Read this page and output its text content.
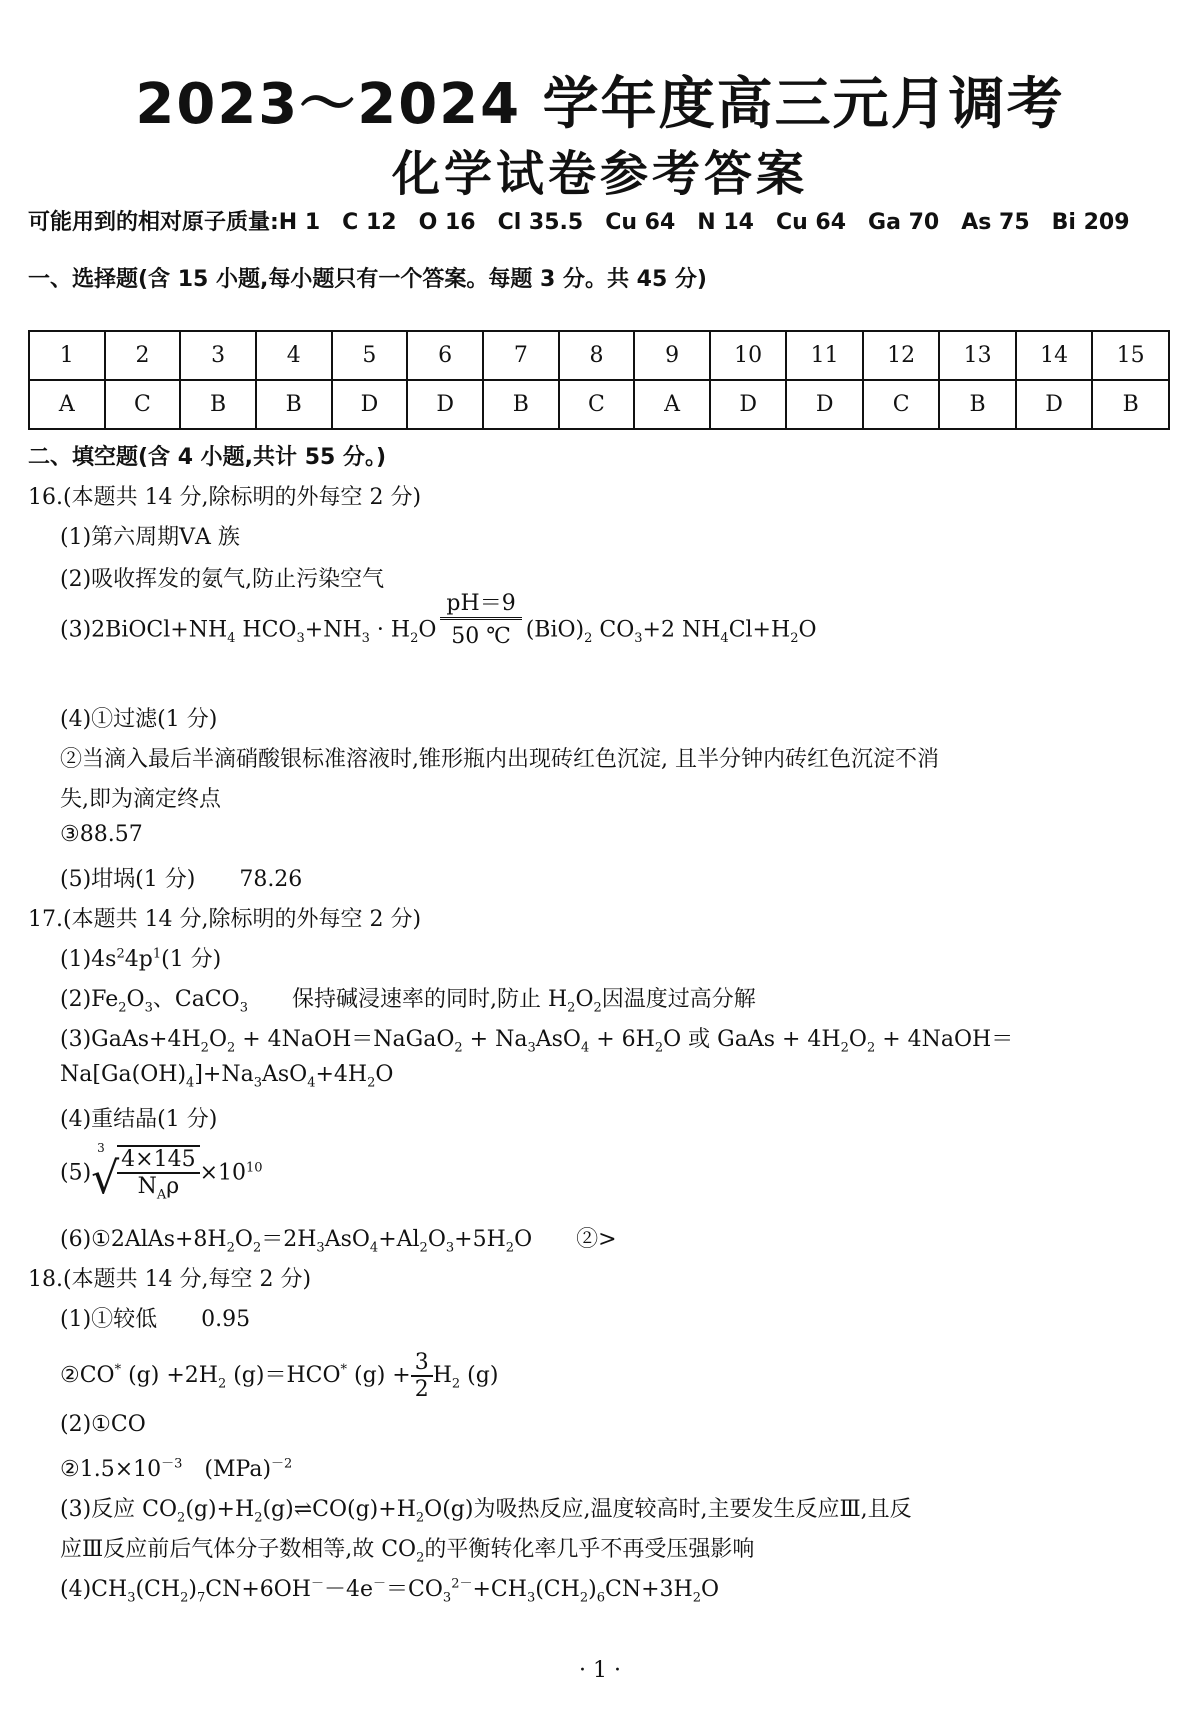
2023～2024 学年度高三元月调考
化学试卷参考答案
可能用到的相对原子质量:H 1　C 12　O 16　Cl 35.5　Cu 64　N 14　Cu 64　Ga 70　As 75　Bi 209
一、选择题(含 15 小题,每小题只有一个答案。每题 3 分。共 45 分)
1	2	3	4	5	6	7	8	9	10	11	12	13	14	15
A	C	B	B	D	D	B	C	A	D	D	C	B	D	B
二、填空题(含 4 小题,共计 55 分。)
16.(本题共 14 分,除标明的外每空 2 分)
(1)第六周期ⅤA 族
(2)吸收挥发的氨气,防止污染空气
$(3)2BiOCl+NH_4$ $HCO_3+NH_3 \cdot H_2O \frac{pH=9}{50 ℃} (BiO)_2$ $CO_3+2$ $NH_4Cl+H_2O$
(4)①过滤(1 分)
②当滴入最后半滴硝酸银标准溶液时,锥形瓶内出现砖红色沉淀, 且半分钟内砖红色沉淀不消
失,即为滴定终点
③88.57
(5)坩埚(1 分)　　78.26
17.(本题共 14 分,除标明的外每空 2 分)
$(1)4s^24p^1(1$ 分)
$(2)Fe_2O_3$、CaCO$_3$　　保持碱浸速率的同时,防止 $H_2O_2$因温度过高分解
$(3)GaAs+4H_2O_2$ + 4NaOH＝NaGaO$_2$ + $Na_3AsO_4 + 6H_2O$ 或 GaAs + $4H_2O_2$ + 4NaOH＝
$Na[Ga(OH)_4]+Na_3AsO_4+4H_2O$
(4)重结晶(1 分)
(5)
3
√
$\frac{4\times 145}{N_A\rho} \times 10^{10}$
$(6)①2AlAs+8H_2O_2=2H_3AsO_4+Al_2O_3+5H_2O$　　②>
18.(本题共 14 分,每空 2 分)
(1)①较低　　0.95
②CO* $(g) +2H_2$ (g)＝HCO* $(g) + \frac{3}{2} H_2$ (g)
(2)①CO
$②1.5\times 10^{-3}$　(MPa)$^{-2}$
(3)反应 $CO_2(g)+H_2(g)\rightleftharpoons CO(g)+H_2O(g)$为吸热反应,温度较高时,主要发生反应Ⅲ,且反
应Ⅲ反应前后气体分子数相等,故 $CO_2$的平衡转化率几乎不再受压强影响
$(4)CH_3(CH_2)_7CN+6OH^--4e^-=CO_3^{2-}+CH_3(CH_2)_6CN+3H_2O$
· 1 ·
